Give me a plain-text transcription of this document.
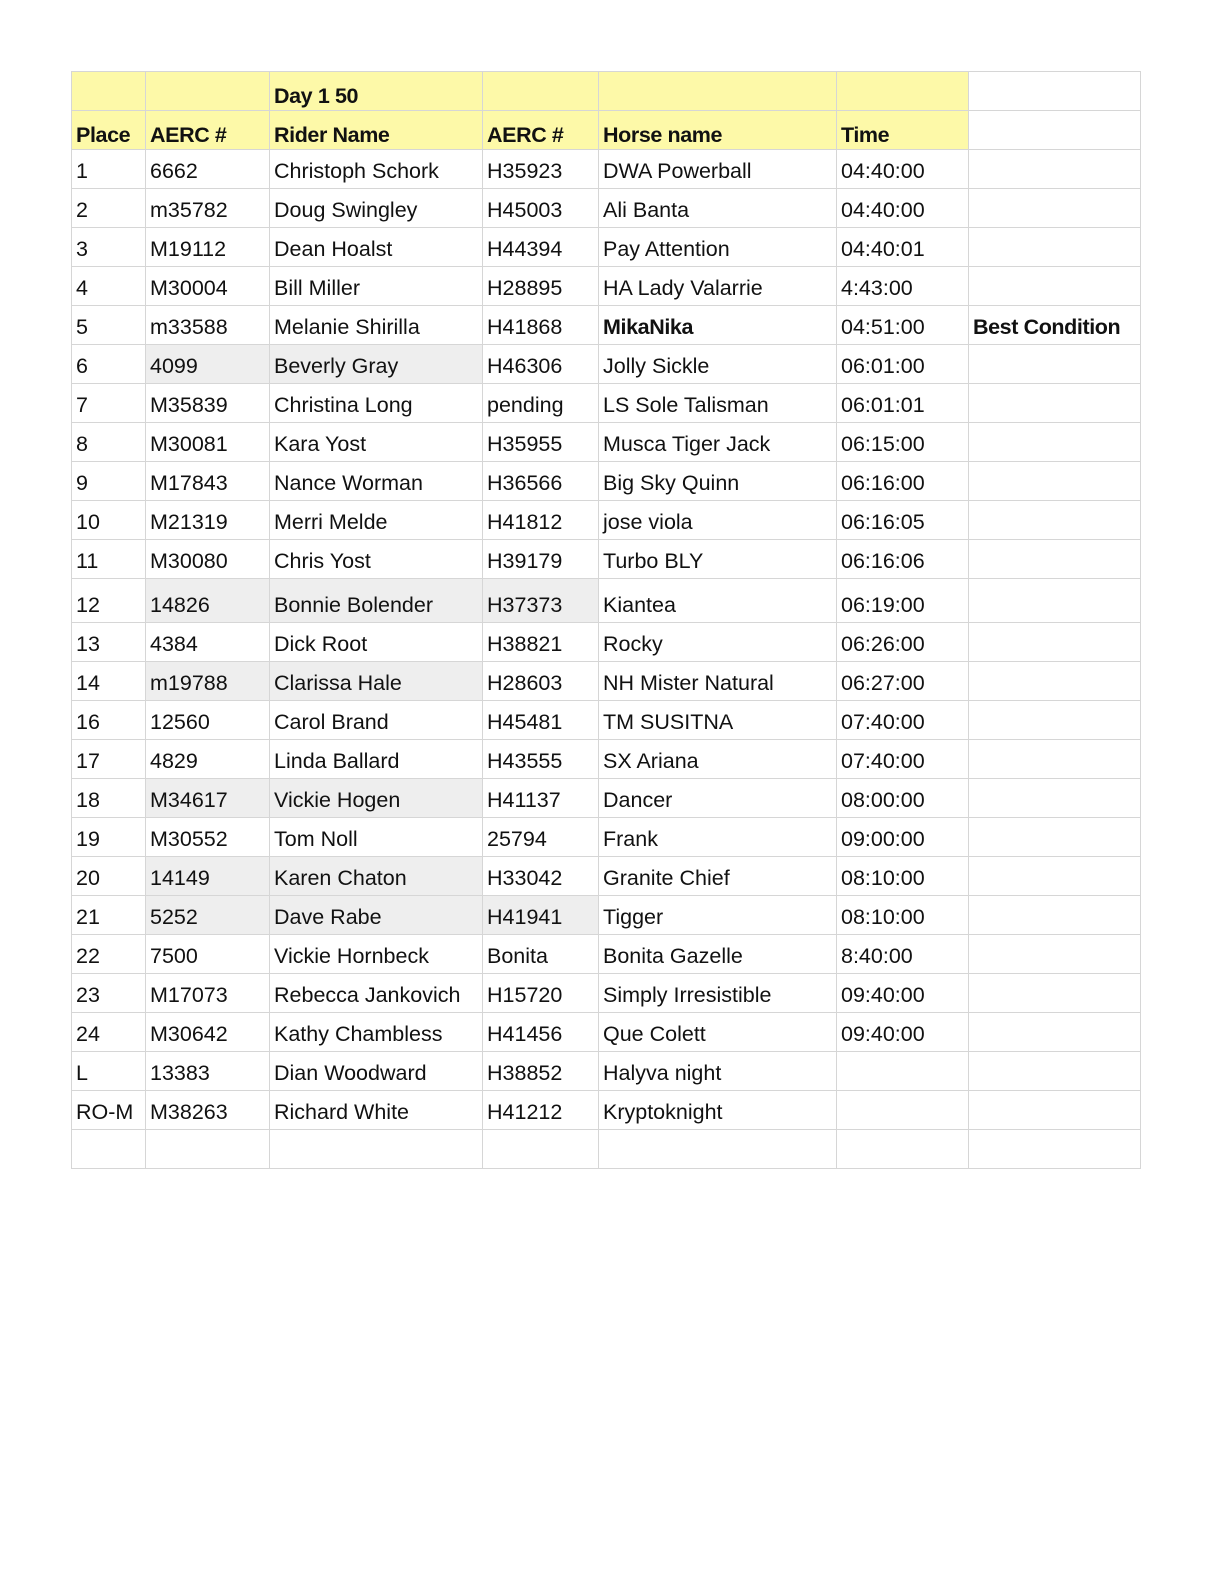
		Day 1 50				
Place	AERC #	Rider Name	AERC #	Horse name	Time	
1	6662	Christoph Schork	H35923	DWA Powerball	04:40:00	
2	m35782	Doug Swingley	H45003	Ali Banta	04:40:00	
3	M19112	Dean Hoalst	H44394	Pay Attention	04:40:01	
4	M30004	Bill Miller	H28895	HA Lady Valarrie	4:43:00	
5	m33588	Melanie Shirilla	H41868	MikaNika	04:51:00	Best Condition
6	4099	Beverly Gray	H46306	Jolly Sickle	06:01:00	
7	M35839	Christina Long	pending	LS Sole Talisman	06:01:01	
8	M30081	Kara Yost	H35955	Musca Tiger Jack	06:15:00	
9	M17843	Nance Worman	H36566	Big Sky Quinn	06:16:00	
10	M21319	Merri Melde	H41812	jose viola	06:16:05	
11	M30080	Chris Yost	H39179	Turbo BLY	06:16:06	
12	14826	Bonnie Bolender	H37373	Kiantea	06:19:00	
13	4384	Dick Root	H38821	Rocky	06:26:00	
14	m19788	Clarissa Hale	H28603	NH Mister Natural	06:27:00	
16	12560	Carol Brand	H45481	TM SUSITNA	07:40:00	
17	4829	Linda Ballard	H43555	SX Ariana	07:40:00	
18	M34617	Vickie Hogen	H41137	Dancer	08:00:00	
19	M30552	Tom Noll	25794	Frank	09:00:00	
20	14149	Karen Chaton	H33042	Granite Chief	08:10:00	
21	5252	Dave Rabe	H41941	Tigger	08:10:00	
22	7500	Vickie Hornbeck	Bonita	Bonita Gazelle	8:40:00	
23	M17073	Rebecca Jankovich	H15720	Simply Irresistible	09:40:00	
24	M30642	Kathy Chambless	H41456	Que Colett	09:40:00	
L	13383	Dian Woodward	H38852	Halyva night		
RO-M	M38263	Richard White	H41212	Kryptoknight		
